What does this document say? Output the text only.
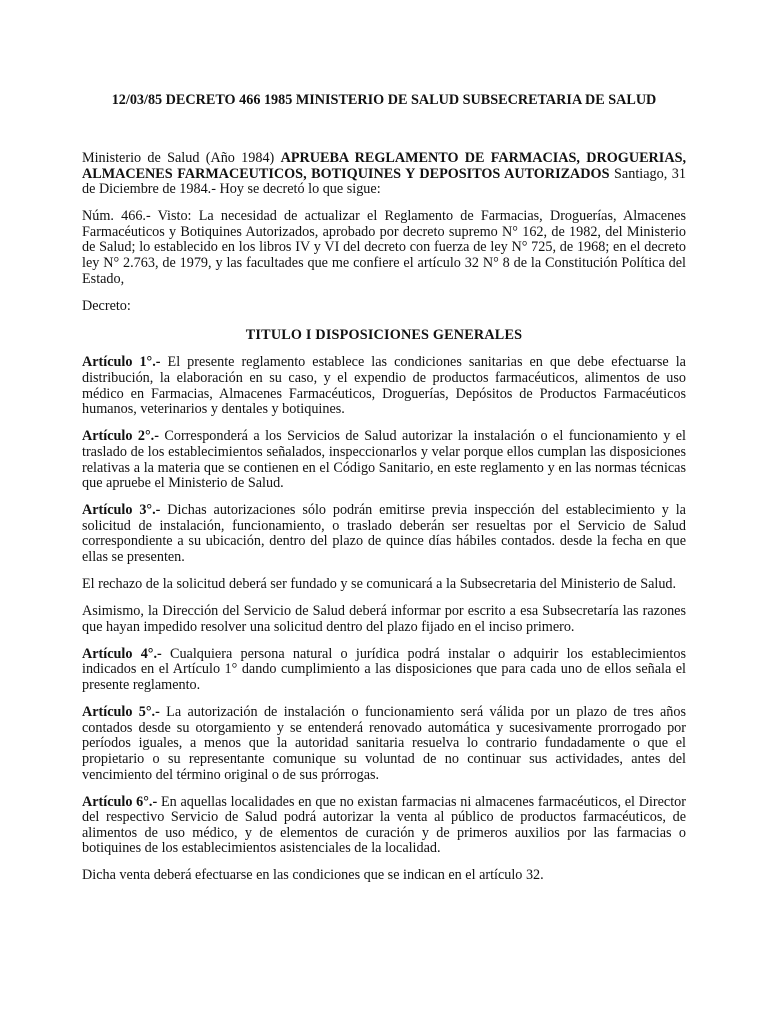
12/03/85 DECRETO 466 1985 MINISTERIO DE SALUD SUBSECRETARIA DE SALUD

Ministerio de Salud (Año 1984) APRUEBA REGLAMENTO DE FARMACIAS, DROGUERIAS, ALMACENES FARMACEUTICOS, BOTIQUINES Y DEPOSITOS AUTORIZADOS Santiago, 31 de Diciembre de 1984.- Hoy se decretó lo que sigue:

Núm. 466.- Visto: La necesidad de actualizar el Reglamento de Farmacias, Droguerías, Almacenes Farmacéuticos y Botiquines Autorizados, aprobado por decreto supremo N° 162, de 1982, del Ministerio de Salud; lo establecido en los libros IV y VI del decreto con fuerza de ley N° 725, de 1968; en el decreto ley N° 2.763, de 1979, y las facultades que me confiere el artículo 32 N° 8 de la Constitución Política del Estado,

Decreto:

TITULO I DISPOSICIONES GENERALES

Artículo 1°.- El presente reglamento establece las condiciones sanitarias en que debe efectuarse la distribución, la elaboración en su caso, y el expendio de productos farmacéuticos, alimentos de uso médico en Farmacias, Almacenes Farmacéuticos, Droguerías, Depósitos de Productos Farmacéuticos humanos, veterinarios y dentales y botiquines.

Artículo 2°.- Corresponderá a los Servicios de Salud autorizar la instalación o el funcionamiento y el traslado de los establecimientos señalados, inspeccionarlos y velar porque ellos cumplan las disposiciones relativas a la materia que se contienen en el Código Sanitario, en este reglamento y en las normas técnicas que apruebe el Ministerio de Salud.

Artículo 3°.- Dichas autorizaciones sólo podrán emitirse previa inspección del establecimiento y la solicitud de instalación, funcionamiento, o traslado deberán ser resueltas por el Servicio de Salud correspondiente a su ubicación, dentro del plazo de quince días hábiles contados. desde la fecha en que ellas se presenten.

El rechazo de la solicitud deberá ser fundado y se comunicará a la Subsecretaria del Ministerio de Salud.

Asimismo, la Dirección del Servicio de Salud deberá informar por escrito a esa Subsecretaría las razones que hayan impedido resolver una solicitud dentro del plazo fijado en el inciso primero.

Artículo 4°.- Cualquiera persona natural o jurídica podrá instalar o adquirir los establecimientos indicados en el Artículo 1° dando cumplimiento a las disposiciones que para cada uno de ellos señala el presente reglamento.

Artículo 5°.- La autorización de instalación o funcionamiento será válida por un plazo de tres años contados desde su otorgamiento y se entenderá renovado automática y sucesivamente prorrogado por períodos iguales, a menos que la autoridad sanitaria resuelva lo contrario fundadamente o que el propietario o su representante comunique su voluntad de no continuar sus actividades, antes del vencimiento del término original o de sus prórrogas.

Artículo 6°.- En aquellas localidades en que no existan farmacias ni almacenes farmacéuticos, el Director del respectivo Servicio de Salud podrá autorizar la venta al público de productos farmacéuticos, de alimentos de uso médico, y de elementos de curación y de primeros auxilios por las farmacias o botiquines de los establecimientos asistenciales de la localidad.

Dicha venta deberá efectuarse en las condiciones que se indican en el artículo 32.
